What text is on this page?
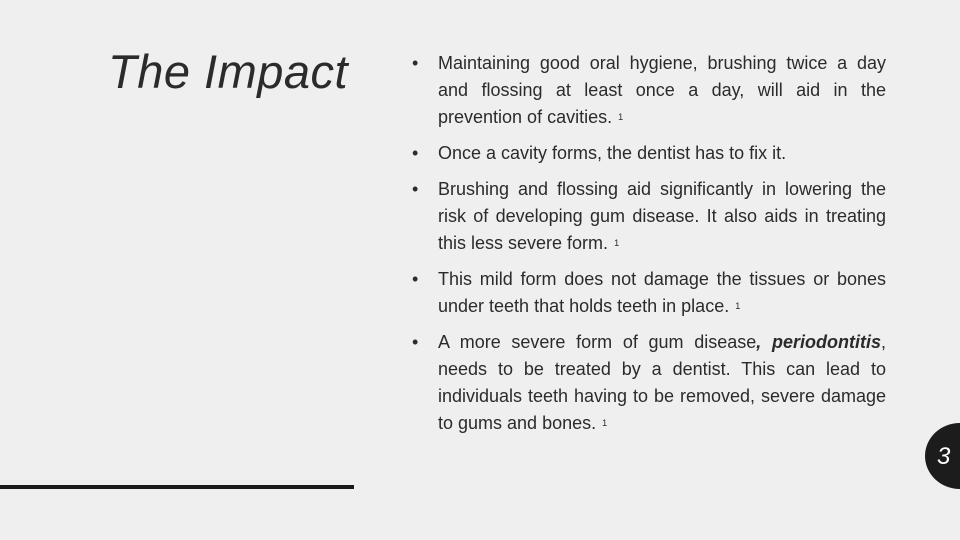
The Impact	• Maintaining good oral hygiene, brushing twice a day and flossing at least once a day, will aid in the prevention of cavities. 1
• Once a cavity forms, the dentist has to fix it.
• Brushing and flossing aid significantly in lowering the risk of developing gum disease. It also aids in treating this less severe form. 1
• This mild form does not damage the tissues or bones under teeth that holds teeth in place. 1
• A more severe form of gum disease, periodontitis, needs to be treated by a dentist. This can lead to individuals teeth having to be removed, severe damage to gums and bones. 1
3
